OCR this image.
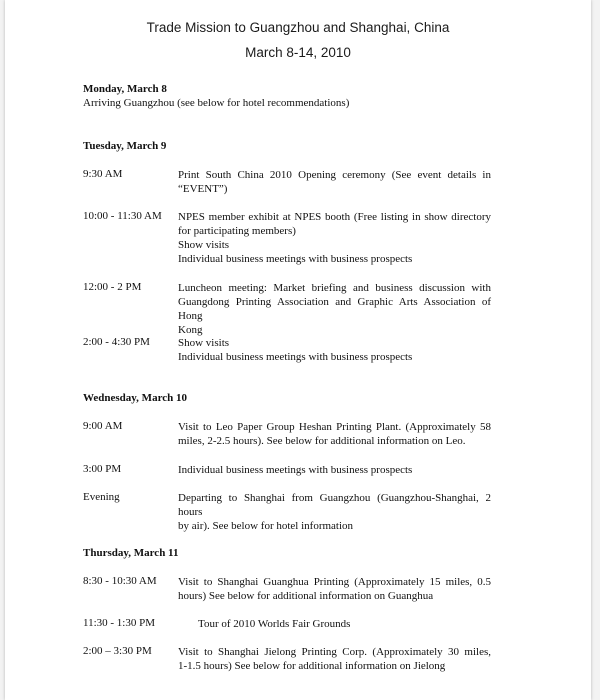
Trade Mission to Guangzhou and Shanghai, China
March 8-14, 2010
Monday, March 8
Arriving Guangzhou (see below for hotel recommendations)
Tuesday, March 9
9:30 AM	Print South China 2010 Opening ceremony (See event details in
“EVENT”)
10:00 - 11:30 AM NPES member exhibit at NPES booth (Free listing in show directory
for participating members)
Show visits
Individual business meetings with business prospects
12:00 - 2 PM	Luncheon meeting: Market briefing and business discussion with
Guangdong Printing Association and Graphic Arts Association of Hong
Kong
2:00 - 4:30 PM	Show visits
Individual business meetings with business prospects
Wednesday, March 10
9:00 AM	Visit to Leo Paper Group Heshan Printing Plant. (Approximately 58
miles, 2-2.5 hours). See below for additional information on Leo.
3:00 PM	Individual business meetings with business prospects
Evening	Departing to Shanghai from Guangzhou (Guangzhou-Shanghai, 2 hours
by air). See below for hotel information
Thursday, March 11
8:30 - 10:30 AM Visit to Shanghai Guanghua Printing (Approximately 15 miles, 0.5
hours) See below for additional information on Guanghua
11:30 - 1:30 PM	Tour of 2010 Worlds Fair Grounds
2:00 – 3:30 PM Visit to Shanghai Jielong Printing Corp. (Approximately 30 miles,
1-1.5 hours) See below for additional information on Jielong
